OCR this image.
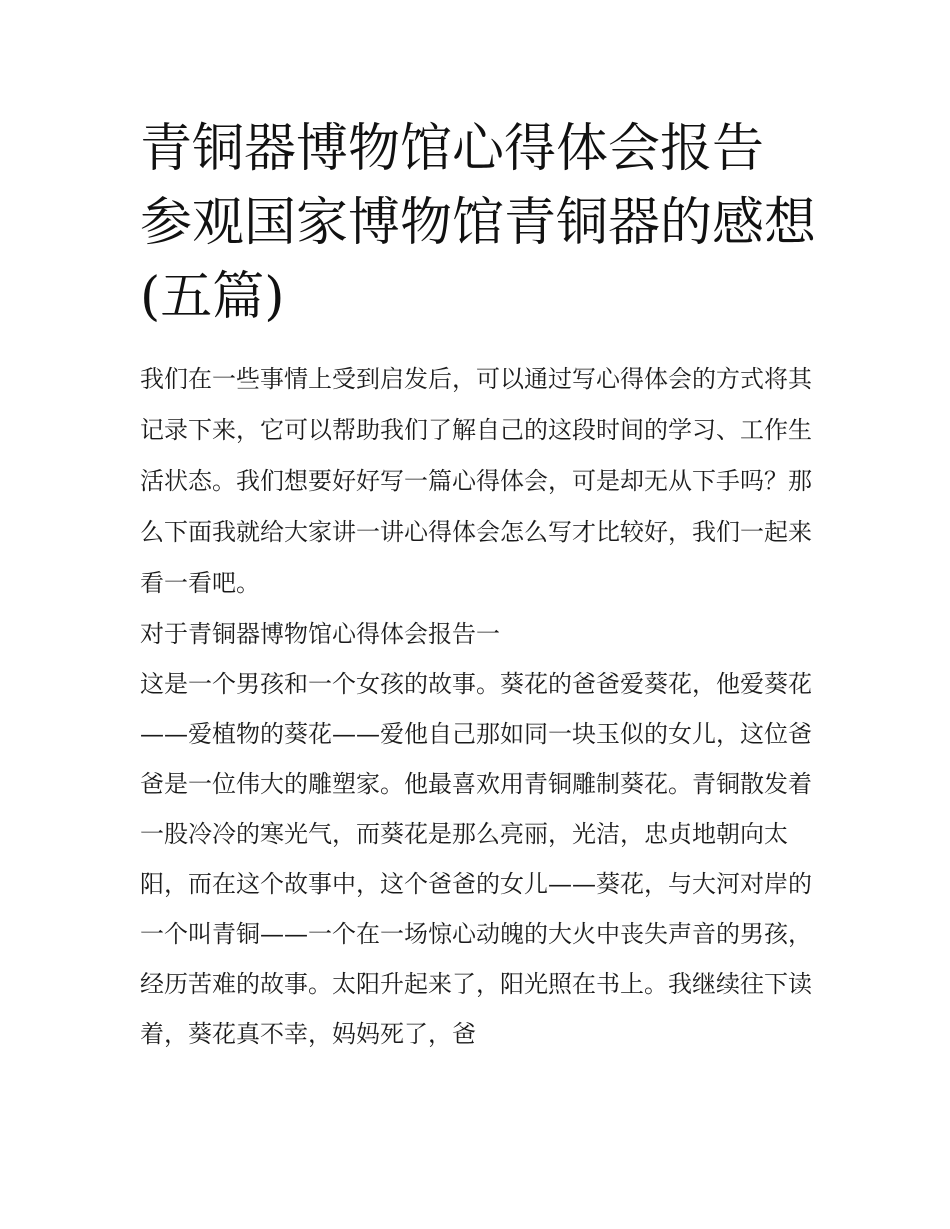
青铜器博物馆心得体会报告 参观国家博物馆青铜器的感想(五篇)

我们在一些事情上受到启发后，可以通过写心得体会的方式将其记录下来，它可以帮助我们了解自己的这段时间的学习、工作生活状态。我们想要好好写一篇心得体会，可是却无从下手吗？那么下面我就给大家讲一讲心得体会怎么写才比较好，我们一起来看一看吧。

对于青铜器博物馆心得体会报告一

这是一个男孩和一个女孩的故事。葵花的爸爸爱葵花，他爱葵花——爱植物的葵花——爱他自己那如同一块玉似的女儿，这位爸爸是一位伟大的雕塑家。他最喜欢用青铜雕制葵花。青铜散发着一股冷冷的寒光气，而葵花是那么亮丽，光洁，忠贞地朝向太

阳，而在这个故事中，这个爸爸的女儿——葵花，与大河对岸的一个叫青铜——一个在一场惊心动魄的大火中丧失声音的男孩，经历苦难的故事。太阳升起来了，阳光照在书上。我继续往下读着，葵花真不幸，妈妈死了，爸
